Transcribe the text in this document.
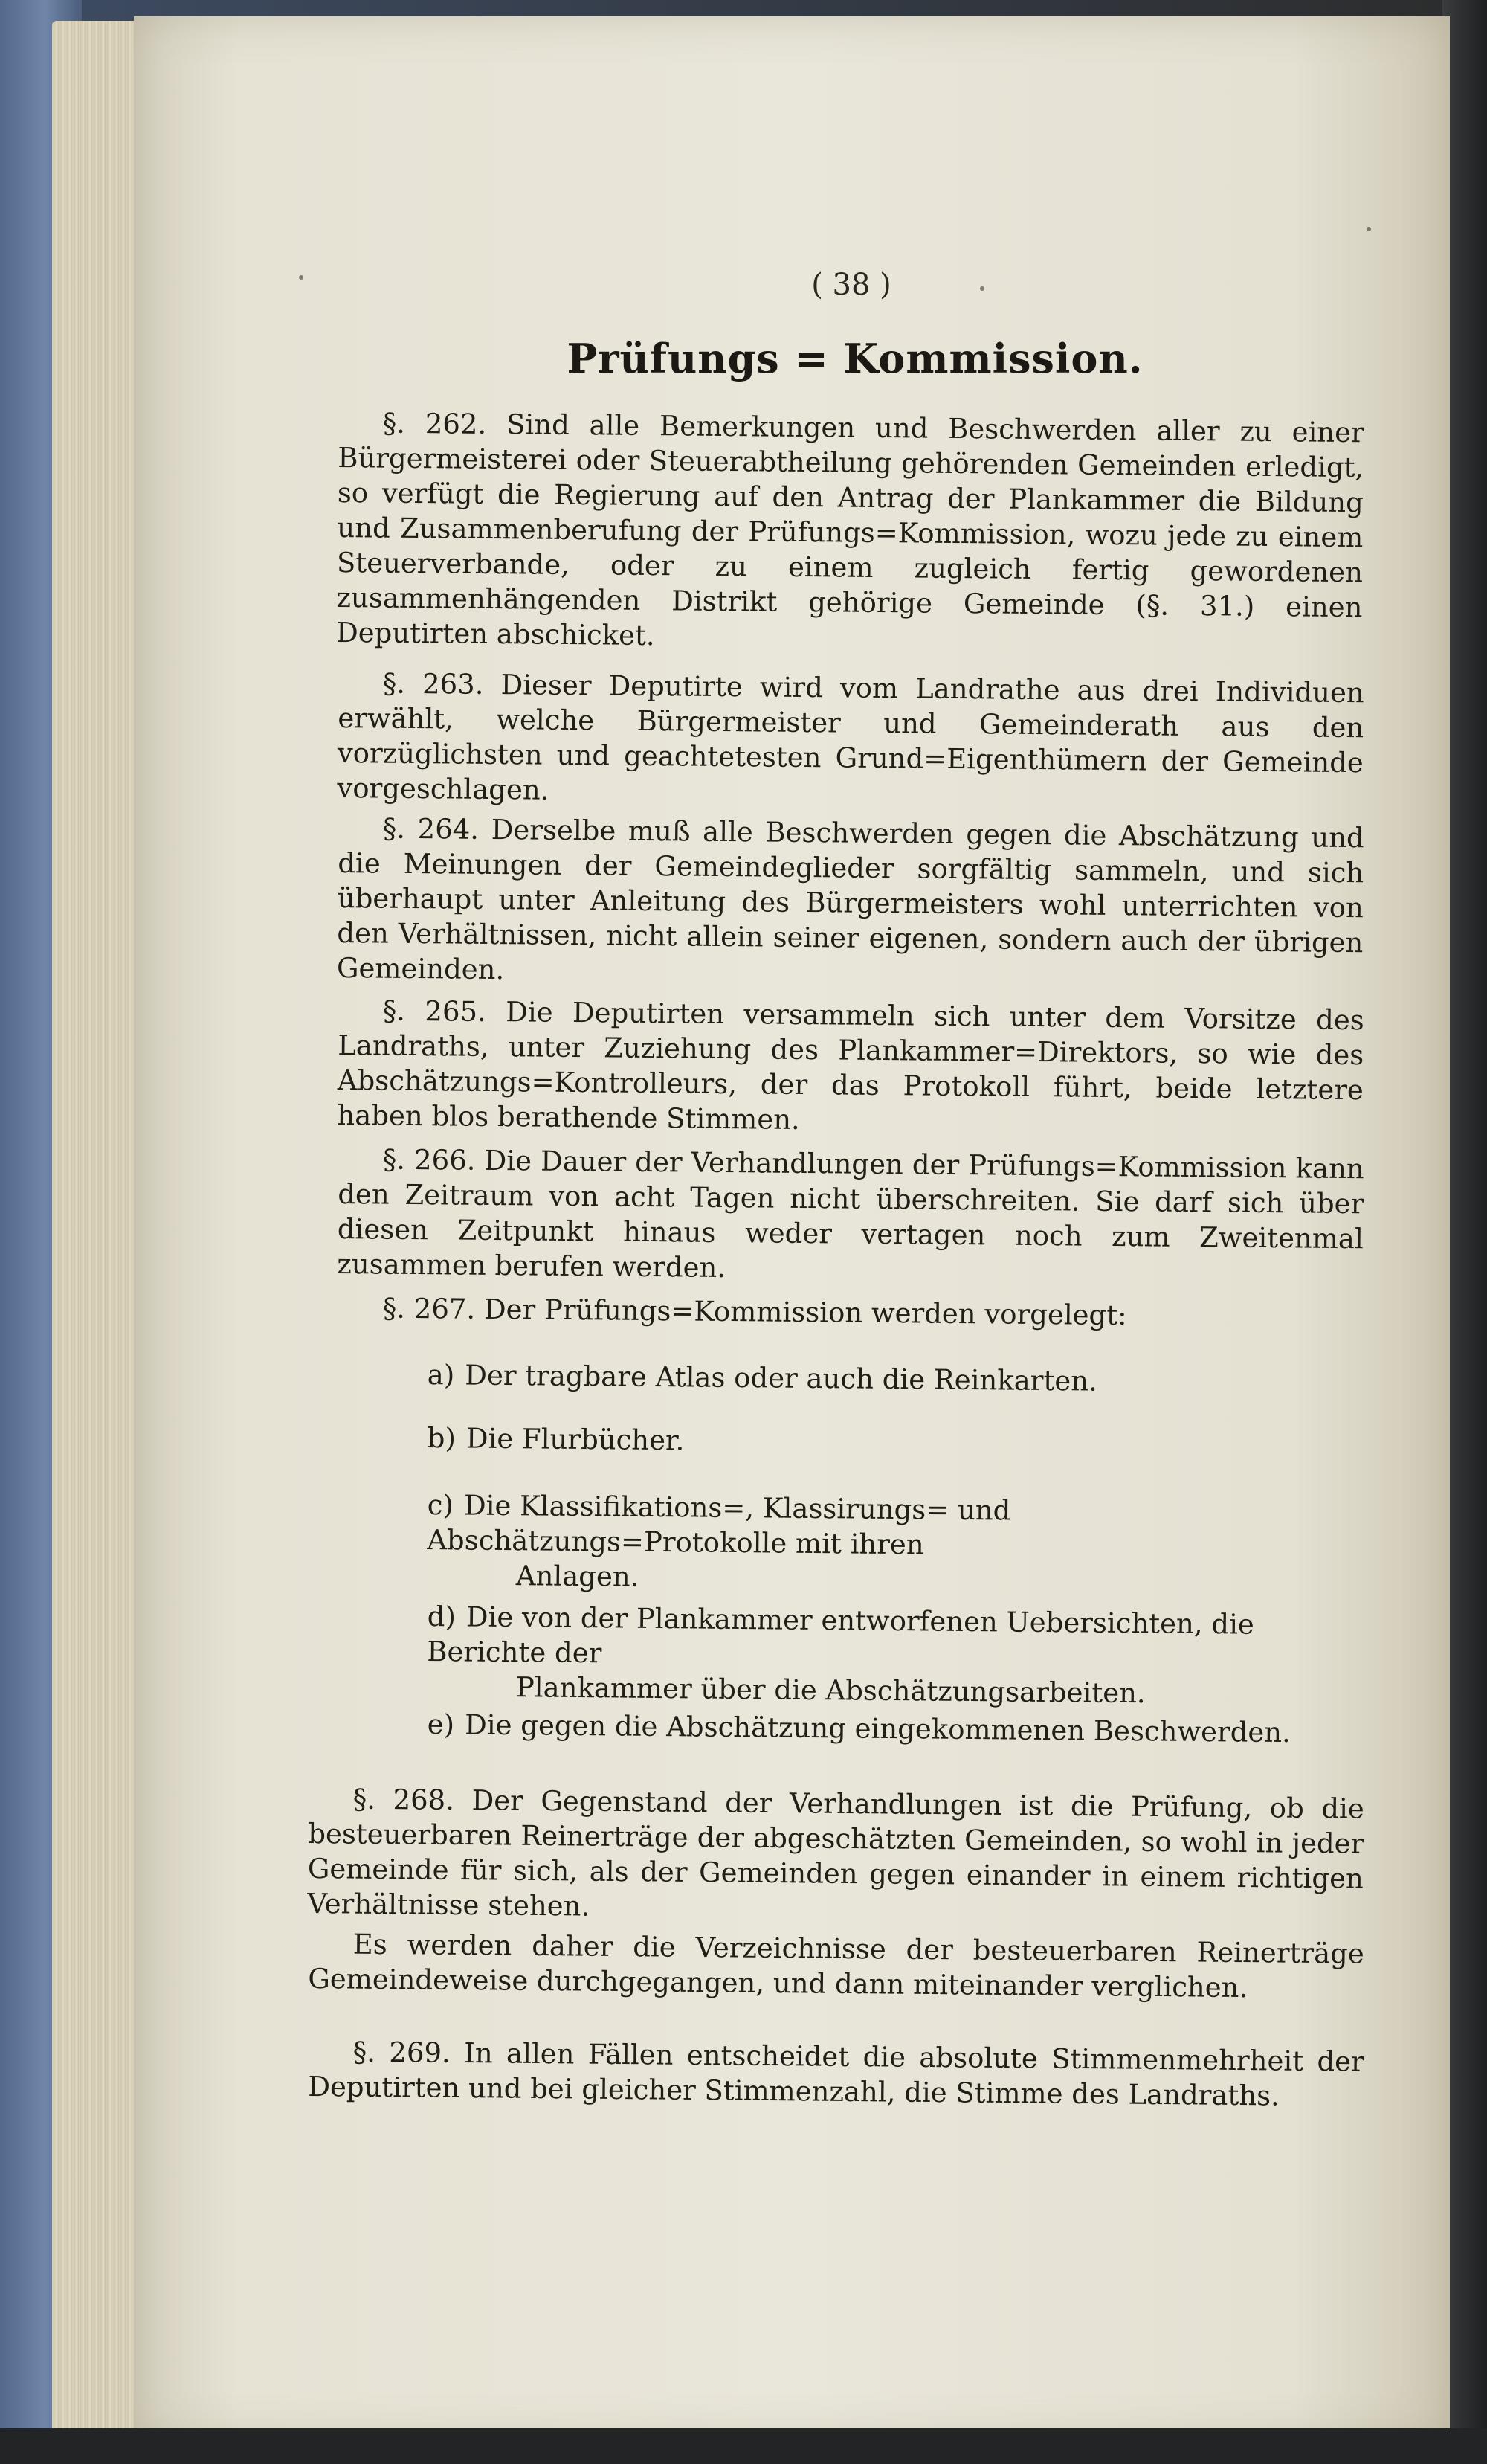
( 38 )
Prüfungs = Kommission.

§. 262. Sind alle Bemerkungen und Beschwerden aller zu einer Bürgermeisterei oder Steuerabtheilung gehörenden Gemeinden erledigt, so verfügt die Regierung auf den Antrag der Plankammer die Bildung und Zusammenberufung der Prüfungs=Kommission, wozu jede zu einem Steuerverbande, oder zu einem zugleich fertig gewordenen zusammenhängenden Distrikt gehörige Gemeinde (§. 31.) einen Deputirten abschicket.

§. 263. Dieser Deputirte wird vom Landrathe aus drei Individuen erwählt, welche Bürgermeister und Gemeinderath aus den vorzüglichsten und geachtetesten Grund=Eigenthümern der Gemeinde vorgeschlagen.

§. 264. Derselbe muß alle Beschwerden gegen die Abschätzung und die Meinungen der Gemeindeglieder sorgfältig sammeln, und sich überhaupt unter Anleitung des Bürgermeisters wohl unterrichten von den Verhältnissen, nicht allein seiner eigenen, sondern auch der übrigen Gemeinden.

§. 265. Die Deputirten versammeln sich unter dem Vorsitze des Landraths, unter Zuziehung des Plankammer=Direktors, so wie des Abschätzungs=Kontrolleurs, der das Protokoll führt, beide letztere haben blos berathende Stimmen.

§. 266. Die Dauer der Verhandlungen der Prüfungs=Kommission kann den Zeitraum von acht Tagen nicht überschreiten. Sie darf sich über diesen Zeitpunkt hinaus weder vertagen noch zum Zweitenmal zusammen berufen werden.

§. 267. Der Prüfungs=Kommission werden vorgelegt:

a) Der tragbare Atlas oder auch die Reinkarten.

b) Die Flurbücher.

c) Die Klassifikations=, Klassirungs= und Abschätzungs=Protokolle mit ihren
Anlagen.

d) Die von der Plankammer entworfenen Uebersichten, die Berichte der
Plankammer über die Abschätzungsarbeiten.

e) Die gegen die Abschätzung eingekommenen Beschwerden.

§. 268. Der Gegenstand der Verhandlungen ist die Prüfung, ob die besteuerbaren Reinerträge der abgeschätzten Gemeinden, so wohl in jeder Gemeinde für sich, als der Gemeinden gegen einander in einem richtigen Verhältnisse stehen.

Es werden daher die Verzeichnisse der besteuerbaren Reinerträge Gemeindeweise durchgegangen, und dann miteinander verglichen.

§. 269. In allen Fällen entscheidet die absolute Stimmenmehrheit der Deputirten und bei gleicher Stimmenzahl, die Stimme des Landraths.
